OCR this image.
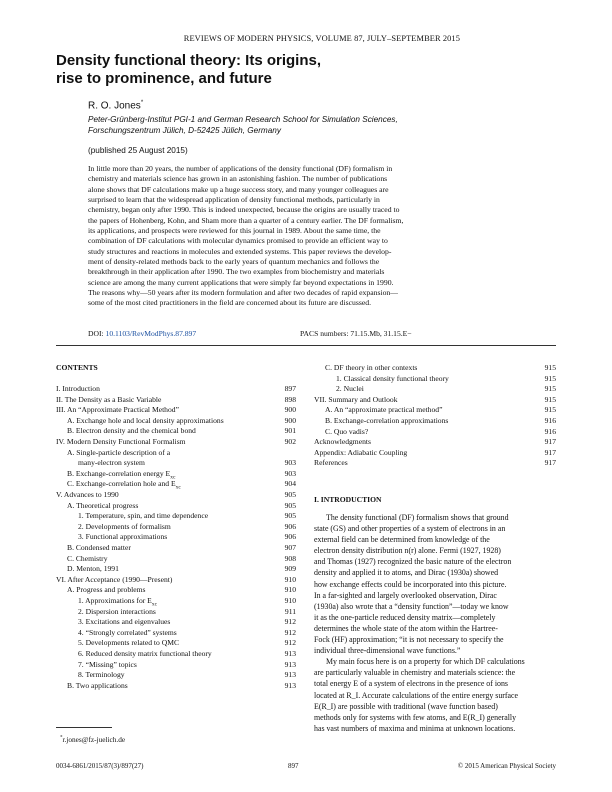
REVIEWS OF MODERN PHYSICS, VOLUME 87, JULY–SEPTEMBER 2015
Density functional theory: Its origins,
rise to prominence, and future
R. O. Jones*
Peter-Grünberg-Institut PGI-1 and German Research School for Simulation Sciences,
Forschungszentrum Jülich, D-52425 Jülich, Germany
(published 25 August 2015)
In little more than 20 years, the number of applications of the density functional (DF) formalism in
chemistry and materials science has grown in an astonishing fashion. The number of publications
alone shows that DF calculations make up a huge success story, and many younger colleagues are
surprised to learn that the widespread application of density functional methods, particularly in
chemistry, began only after 1990. This is indeed unexpected, because the origins are usually traced to
the papers of Hohenberg, Kohn, and Sham more than a quarter of a century earlier. The DF formalism,
its applications, and prospects were reviewed for this journal in 1989. About the same time, the
combination of DF calculations with molecular dynamics promised to provide an efficient way to
study structures and reactions in molecules and extended systems. This paper reviews the develop-
ment of density-related methods back to the early years of quantum mechanics and follows the
breakthrough in their application after 1990. The two examples from biochemistry and materials
science are among the many current applications that were simply far beyond expectations in 1990.
The reasons why—50 years after its modern formulation and after two decades of rapid expansion—
some of the most cited practitioners in the field are concerned about its future are discussed.
DOI: 10.1103/RevModPhys.87.897	PACS numbers: 71.15.Mb, 31.15.E−
CONTENTS
I. Introduction	897
II. The Density as a Basic Variable	898
III. An “Approximate Practical Method”	900
A. Exchange hole and local density approximations	900
B. Electron density and the chemical bond	901
IV. Modern Density Functional Formalism	902
A. Single-particle description of a
many-electron system	903
B. Exchange-correlation energy $E_{xc}$	903
C. Exchange-correlation hole and $E_{xc}$	904
V. Advances to 1990	905
A. Theoretical progress	905
1. Temperature, spin, and time dependence	905
2. Developments of formalism	906
3. Functional approximations	906
B. Condensed matter	907
C. Chemistry	908
D. Menton, 1991	909
VI. After Acceptance (1990—Present)	910
A. Progress and problems	910
1. Approximations for $E_{xc}$	910
2. Dispersion interactions	911
3. Excitations and eigenvalues	912
4. “Strongly correlated” systems	912
5. Developments related to QMC	912
6. Reduced density matrix functional theory	913
7. “Missing” topics	913
8. Terminology	913
B. Two applications	913
C. DF theory in other contexts	915
1. Classical density functional theory	915
2. Nuclei	915
VII. Summary and Outlook	915
A. An “approximate practical method”	915
B. Exchange-correlation approximations	916
C. Quo vadis?	916
Acknowledgments	917
Appendix: Adiabatic Coupling	917
References	917
*r.jones@fz-juelich.de
I. INTRODUCTION
The density functional (DF) formalism shows that ground
state (GS) and other properties of a system of electrons in an
external field can be determined from knowledge of the
electron density distribution n(r) alone. Fermi (1927, 1928)
and Thomas (1927) recognized the basic nature of the electron
density and applied it to atoms, and Dirac (1930a) showed
how exchange effects could be incorporated into this picture.
In a far-sighted and largely overlooked observation, Dirac
(1930a) also wrote that a “density function”—today we know
it as the one-particle reduced density matrix—completely
determines the whole state of the atom within the Hartree-
Fock (HF) approximation; “it is not necessary to specify the
individual three-dimensional wave functions.”
My main focus here is on a property for which DF calculations
are particularly valuable in chemistry and materials science: the
total energy E of a system of electrons in the presence of ions
located at R_I. Accurate calculations of the entire energy surface
E(R_I) are possible with traditional (wave function based)
methods only for systems with few atoms, and E(R_I) generally
has vast numbers of maxima and minima at unknown locations.
0034-6861/2015/87(3)/897(27)	897	© 2015 American Physical Society
